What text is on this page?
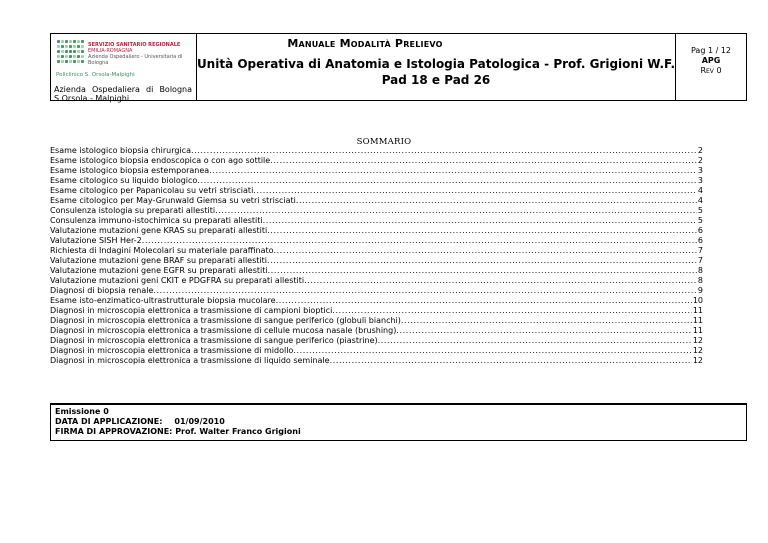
SERVIZIO SANITARIO REGIONALE
EMILIA-ROMAGNA
Azienda Ospedaliero - Universitaria di Bologna
Policlinico S. Orsola-Malpighi
Azienda Ospedaliera di Bologna
S.Orsola - Malpighi
Pag 1 / 12
APG
Rev 0
Manuale Modalità Prelievo
Unità Operativa di Anatomia e Istologia Patologica - Prof. Grigioni W.F.
Pad 18 e Pad 26
SOMMARIO
Esame istologico biopsia chirurgica .....	2
Esame istologico biopsia endoscopica o con ago sottile .....	2
Esame istologico biopsia estemporanea .....	3
Esame citologico su liquido biologico .....	3
Esame citologico per Papanicolau su vetri strisciati .....	4
Esame citologico per May-Grunwald Giemsa su vetri strisciati .....	4
Consulenza istologia su preparati allestiti .....	5
Consulenza immuno-istochimica su preparati allestiti .....	5
Valutazione mutazioni gene KRAS su preparati allestiti .....	6
Valutazione SISH Her-2 .....	6
Richiesta di Indagini Molecolari su materiale paraffinato .....	7
Valutazione mutazioni gene BRAF su preparati allestiti .....	7
Valutazione mutazioni gene EGFR su preparati allestiti .....	8
Valutazione mutazioni geni CKIT e PDGFRA su preparati allestiti .....	8
Diagnosi di biopsia renale .....	9
Esame isto-enzimatico-ultrastrutturale biopsia mucolare .....	10
Diagnosi in microscopia elettronica a trasmissione di campioni bioptici .....	11
Diagnosi in microscopia elettronica a trasmissione di sangue periferico (globuli bianchi) .....	11
Diagnosi in microscopia elettronica a trasmissione di cellule mucosa nasale (brushing) .....	11
Diagnosi in microscopia elettronica a trasmissione di sangue periferico (piastrine) .....	12
Diagnosi in microscopia elettronica a trasmissione di midollo .....	12
Diagnosi in microscopia elettronica a trasmissione di liquido seminale .....	12
Emissione 0
DATA DI APPLICAZIONE: 01/09/2010
FIRMA DI APPROVAZIONE: Prof. Walter Franco Grigioni
